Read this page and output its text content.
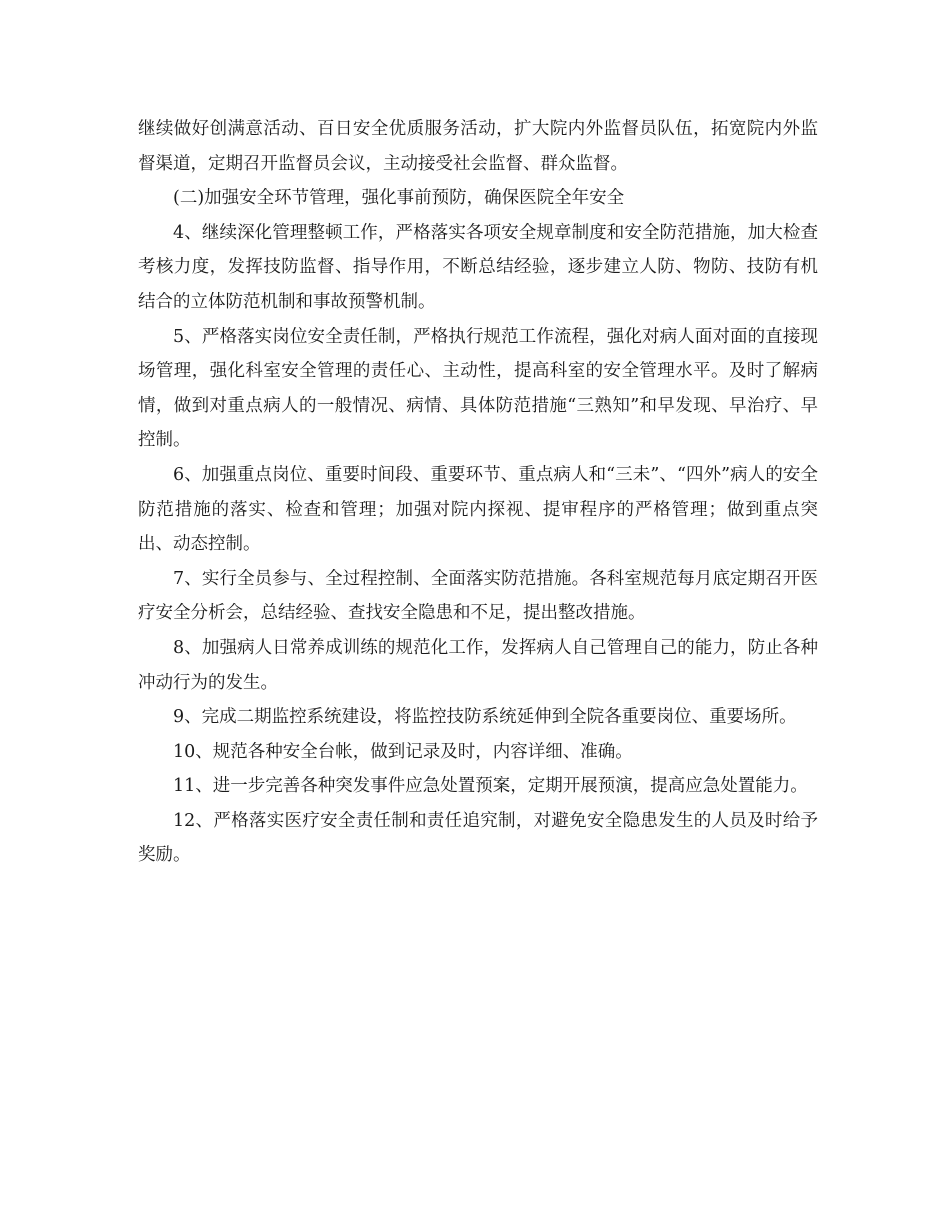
继续做好创满意活动、百日安全优质服务活动，扩大院内外监督员队伍，拓宽院内外监督渠道，定期召开监督员会议，主动接受社会监督、群众监督。

(二)加强安全环节管理，强化事前预防，确保医院全年安全

4、继续深化管理整顿工作，严格落实各项安全规章制度和安全防范措施，加大检查考核力度，发挥技防监督、指导作用，不断总结经验，逐步建立人防、物防、技防有机结合的立体防范机制和事故预警机制。

5、严格落实岗位安全责任制，严格执行规范工作流程，强化对病人面对面的直接现场管理，强化科室安全管理的责任心、主动性，提高科室的安全管理水平。及时了解病情，做到对重点病人的一般情况、病情、具体防范措施“三熟知”和早发现、早治疗、早控制。

6、加强重点岗位、重要时间段、重要环节、重点病人和“三未”、“四外”病人的安全防范措施的落实、检查和管理；加强对院内探视、提审程序的严格管理；做到重点突出、动态控制。

7、实行全员参与、全过程控制、全面落实防范措施。各科室规范每月底定期召开医疗安全分析会，总结经验、查找安全隐患和不足，提出整改措施。

8、加强病人日常养成训练的规范化工作，发挥病人自己管理自己的能力，防止各种冲动行为的发生。

9、完成二期监控系统建设，将监控技防系统延伸到全院各重要岗位、重要场所。

10、规范各种安全台帐，做到记录及时，内容详细、准确。

11、进一步完善各种突发事件应急处置预案，定期开展预演，提高应急处置能力。

12、严格落实医疗安全责任制和责任追究制，对避免安全隐患发生的人员及时给予奖励。
